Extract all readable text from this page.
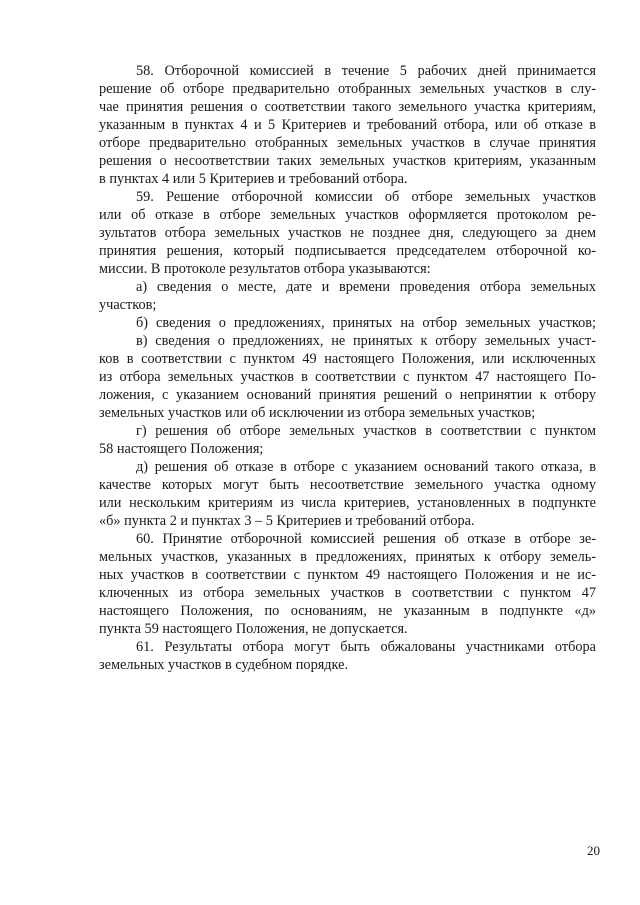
58. Отборочной комиссией в течение 5 рабочих дней принимается
решение об отборе предварительно отобранных земельных участков в слу-
чае принятия решения о соответствии такого земельного участка критериям,
указанным в пунктах 4 и 5 Критериев и требований отбора, или об отказе в
отборе предварительно отобранных земельных участков в случае принятия
решения о несоответствии таких земельных участков критериям, указанным
в пунктах 4 или 5 Критериев и требований отбора.
59. Решение отборочной комиссии об отборе земельных участков
или об отказе в отборе земельных участков оформляется протоколом ре-
зультатов отбора земельных участков не позднее дня, следующего за днем
принятия решения, который подписывается председателем отборочной ко-
миссии. В протоколе результатов отбора указываются:
а) сведения о месте, дате и времени проведения отбора земельных
участков;
б) сведения о предложениях, принятых на отбор земельных участков;
в) сведения о предложениях, не принятых к отбору земельных участ-
ков в соответствии с пунктом 49 настоящего Положения, или исключенных
из отбора земельных участков в соответствии с пунктом 47 настоящего По-
ложения, с указанием оснований принятия решений о непринятии к отбору
земельных участков или об исключении из отбора земельных участков;
г) решения об отборе земельных участков в соответствии с пунктом
58 настоящего Положения;
д) решения об отказе в отборе с указанием оснований такого отказа, в
качестве которых могут быть несоответствие земельного участка одному
или нескольким критериям из числа критериев, установленных в подпункте
«б» пункта 2 и пунктах 3 – 5 Критериев и требований отбора.
60. Принятие отборочной комиссией решения об отказе в отборе зе-
мельных участков, указанных в предложениях, принятых к отбору земель-
ных участков в соответствии с пунктом 49 настоящего Положения и не ис-
ключенных из отбора земельных участков в соответствии с пунктом 47
настоящего Положения, по основаниям, не указанным в подпункте «д»
пункта 59 настоящего Положения, не допускается.
61. Результаты отбора могут быть обжалованы участниками отбора
земельных участков в судебном порядке.
20
